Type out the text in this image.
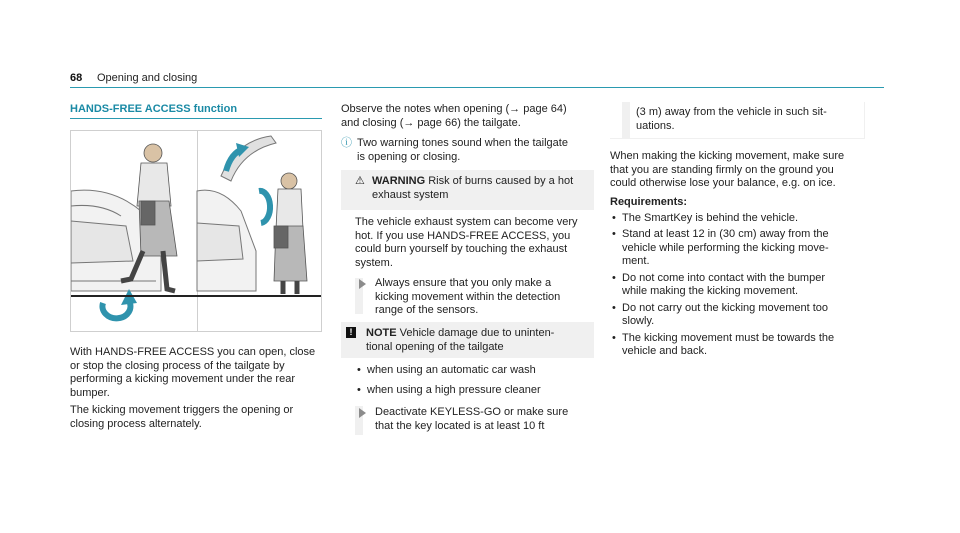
68 Opening and closing
HANDS-FREE ACCESS function

With HANDS-FREE ACCESS you can open, close

or stop the closing process of the tailgate by

performing a kicking movement under the rear

bumper.

The kicking movement triggers the opening or

closing process alternately.

Observe the notes when opening (→ page 64)

and closing (→ page 66) the tailgate.

ⓘ Two warning tones sound when the tailgate

is opening or closing.

⚠ WARNING Risk of burns caused by a hot

exhaust system

The vehicle exhaust system can become very

hot. If you use HANDS-FREE ACCESS, you

could burn yourself by touching the exhaust

system.

Always ensure that you only make a

kicking movement within the detection

range of the sensors.

!	NOTE Vehicle damage due to uninten-

tional opening of the tailgate

• when using an automatic car wash

• when using a high pressure cleaner

Deactivate KEYLESS-GO or make sure

that the key located is at least 10 ft

(3 m) away from the vehicle in such sit-

uations.

When making the kicking movement, make sure

that you are standing firmly on the ground you

could otherwise lose your balance, e.g. on ice.

Requirements:

• The SmartKey is behind the vehicle.

• Stand at least 12 in (30 cm) away from the

vehicle while performing the kicking move-

ment.

• Do not come into contact with the bumper

while making the kicking movement.

• Do not carry out the kicking movement too

slowly.

• The kicking movement must be towards the

vehicle and back.
